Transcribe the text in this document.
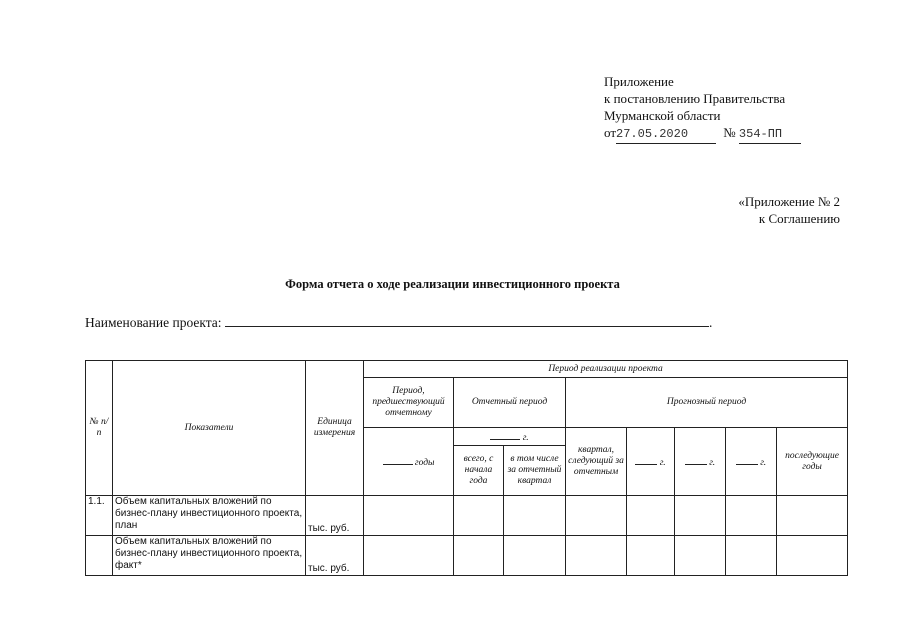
Приложение
к постановлению Правительства
Мурманской области
от27.05.2020	№ 354-ПП
«Приложение № 2
к Соглашению
Форма отчета о ходе реализации инвестиционного проекта
Наименование проекта:	.
№ п/п	Показатели	Единица измерения	Период реализации проекта							
			Период, предшествующий отчетному	Отчетный период		Прогнозный период				
			годы	г.		квартал, следующий за отчетным	г.	г.	г.	последующие годы
				всего, с начала года	в том числе за отчетный квартал					
1.1.	Объем капитальных вложений по бизнес-плану инвестиционного проекта, план	тыс. руб.								
	Объем капитальных вложений по бизнес-плану инвестиционного проекта, факт*	тыс. руб.								
